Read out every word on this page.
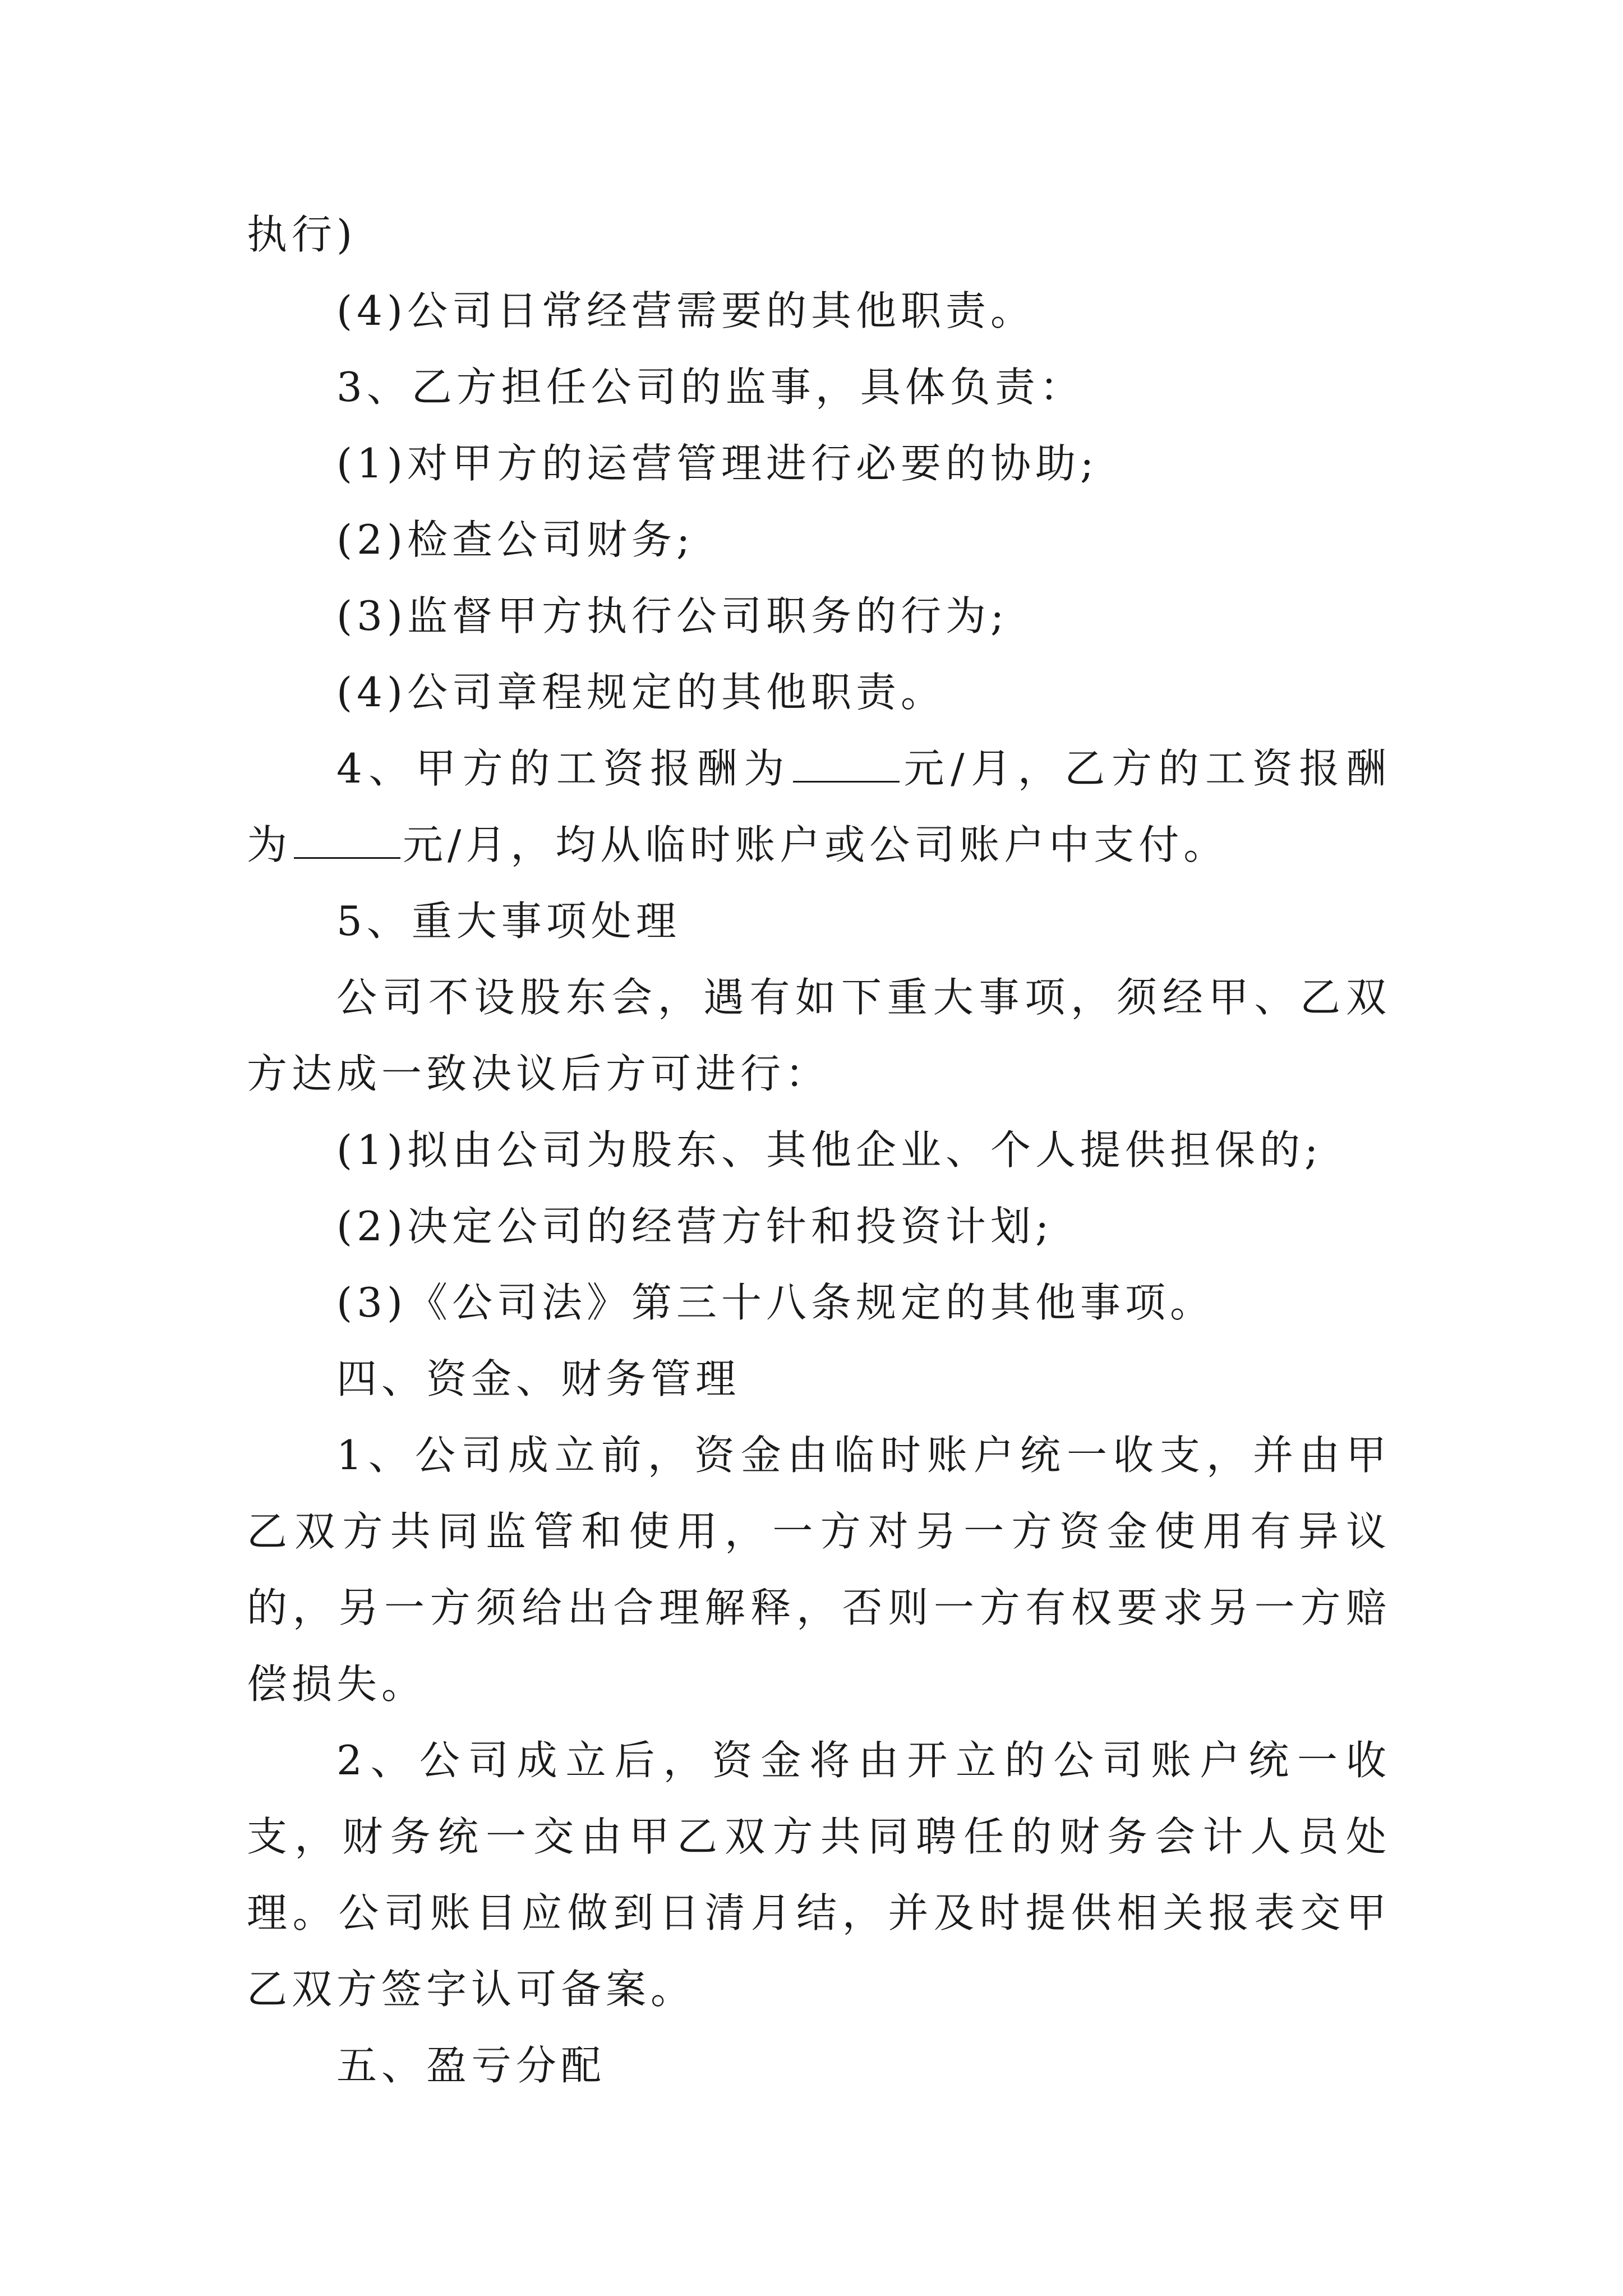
执行)

(4)公司日常经营需要的其他职责。

3、乙方担任公司的监事，具体负责：

(1)对甲方的运营管理进行必要的协助;

(2)检查公司财务;

(3)监督甲方执行公司职务的行为;

(4)公司章程规定的其他职责。

4、甲方的工资报酬为	元/月，乙方的工资报酬为	元/月，均从临时账户或公司账户中支付。

5、重大事项处理

公司不设股东会，遇有如下重大事项，须经甲、乙双方达成一致决议后方可进行：

(1)拟由公司为股东、其他企业、个人提供担保的;

(2)决定公司的经营方针和投资计划;

(3)《公司法》第三十八条规定的其他事项。

四、资金、财务管理

1、公司成立前，资金由临时账户统一收支，并由甲乙双方共同监管和使用，一方对另一方资金使用有异议的，另一方须给出合理解释，否则一方有权要求另一方赔偿损失。

2、公司成立后，资金将由开立的公司账户统一收支，财务统一交由甲乙双方共同聘任的财务会计人员处理。公司账目应做到日清月结，并及时提供相关报表交甲乙双方签字认可备案。

五、盈亏分配
